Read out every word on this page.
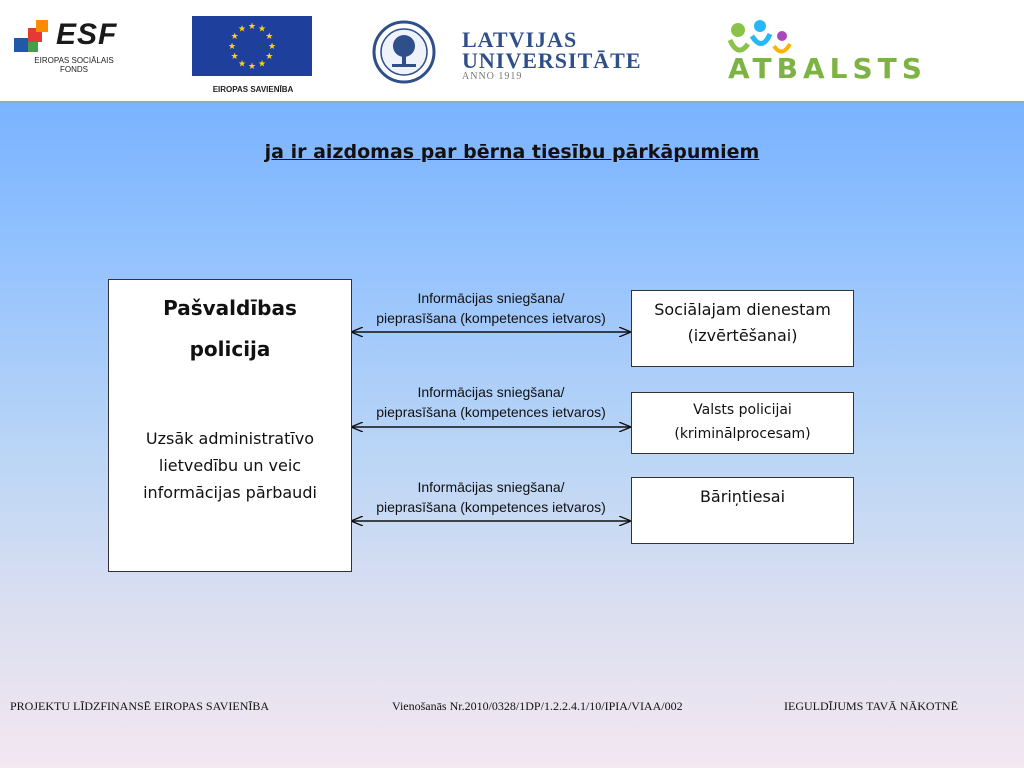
ESF
EIROPAS SOCIĀLAIS
FONDS
★ ★
★
★
★
★
★
★
★
★
★
★
EIROPAS SAVIENĪBA
LATVIJAS
UNIVERSITĀTE
ANNO 1919	ATBALSTS
ja ir aizdomas par bērna tiesību pārkāpumiem
Informācijas sniegšana/
pieprasīšana (kompetences ietvaros)
Informācijas sniegšana/
pieprasīšana (kompetences ietvaros)
Informācijas sniegšana/
pieprasīšana (kompetences ietvaros)
Pašvaldības
policija
Uzsāk administratīvo
lietvedību un veic
informācijas pārbaudi
Sociālajam dienestam
(izvērtēšanai)
Valsts policijai
(kriminālprocesam)
Bāriņtiesai
PROJEKTU LĪDZFINANSĒ EIROPAS SAVIENĪBA	Vienošanās Nr.2010/0328/1DP/1.2.2.4.1/10/IPIA/VIAA/002	IEGULDĪJUMS TAVĀ NĀKOTNĒ
